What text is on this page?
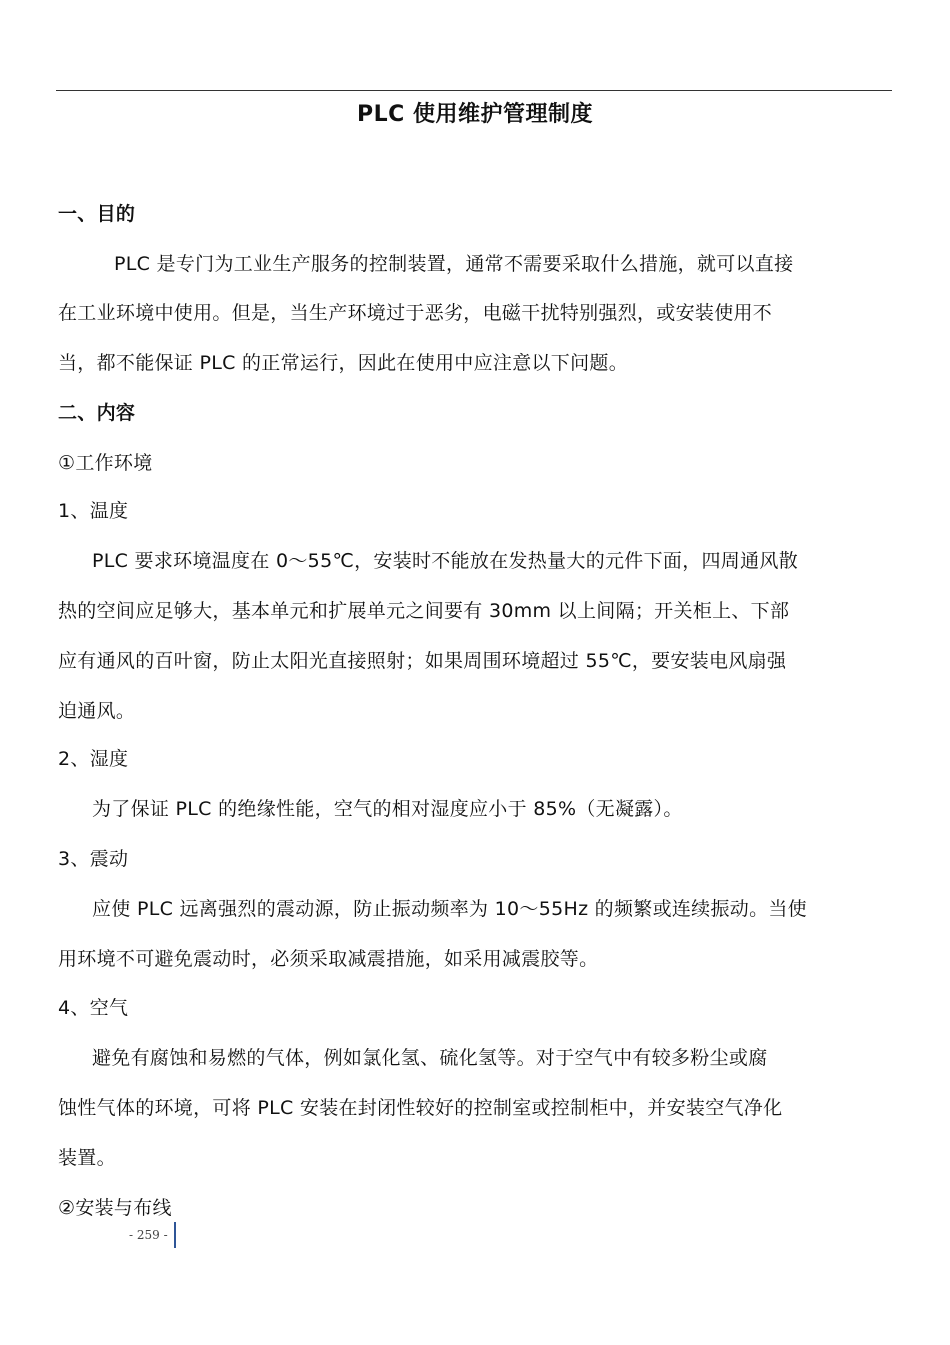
PLC 使用维护管理制度
一、目的
PLC 是专门为工业生产服务的控制装置，通常不需要采取什么措施，就可以直接
在工业环境中使用。但是，当生产环境过于恶劣，电磁干扰特别强烈，或安装使用不
当，都不能保证 PLC 的正常运行，因此在使用中应注意以下问题。
二、内容
①工作环境
1、温度
PLC 要求环境温度在 0～55℃，安装时不能放在发热量大的元件下面，四周通风散
热的空间应足够大，基本单元和扩展单元之间要有 30mm 以上间隔；开关柜上、下部
应有通风的百叶窗，防止太阳光直接照射；如果周围环境超过 55℃，要安装电风扇强
迫通风。
2、湿度
为了保证 PLC 的绝缘性能，空气的相对湿度应小于 85%（无凝露）。
3、震动
应使 PLC 远离强烈的震动源，防止振动频率为 10～55Hz 的频繁或连续振动。当使
用环境不可避免震动时，必须采取减震措施，如采用减震胶等。
4、空气
避免有腐蚀和易燃的气体，例如氯化氢、硫化氢等。对于空气中有较多粉尘或腐
蚀性气体的环境，可将 PLC 安装在封闭性较好的控制室或控制柜中，并安装空气净化
装置。
②安装与布线
- 259 -
